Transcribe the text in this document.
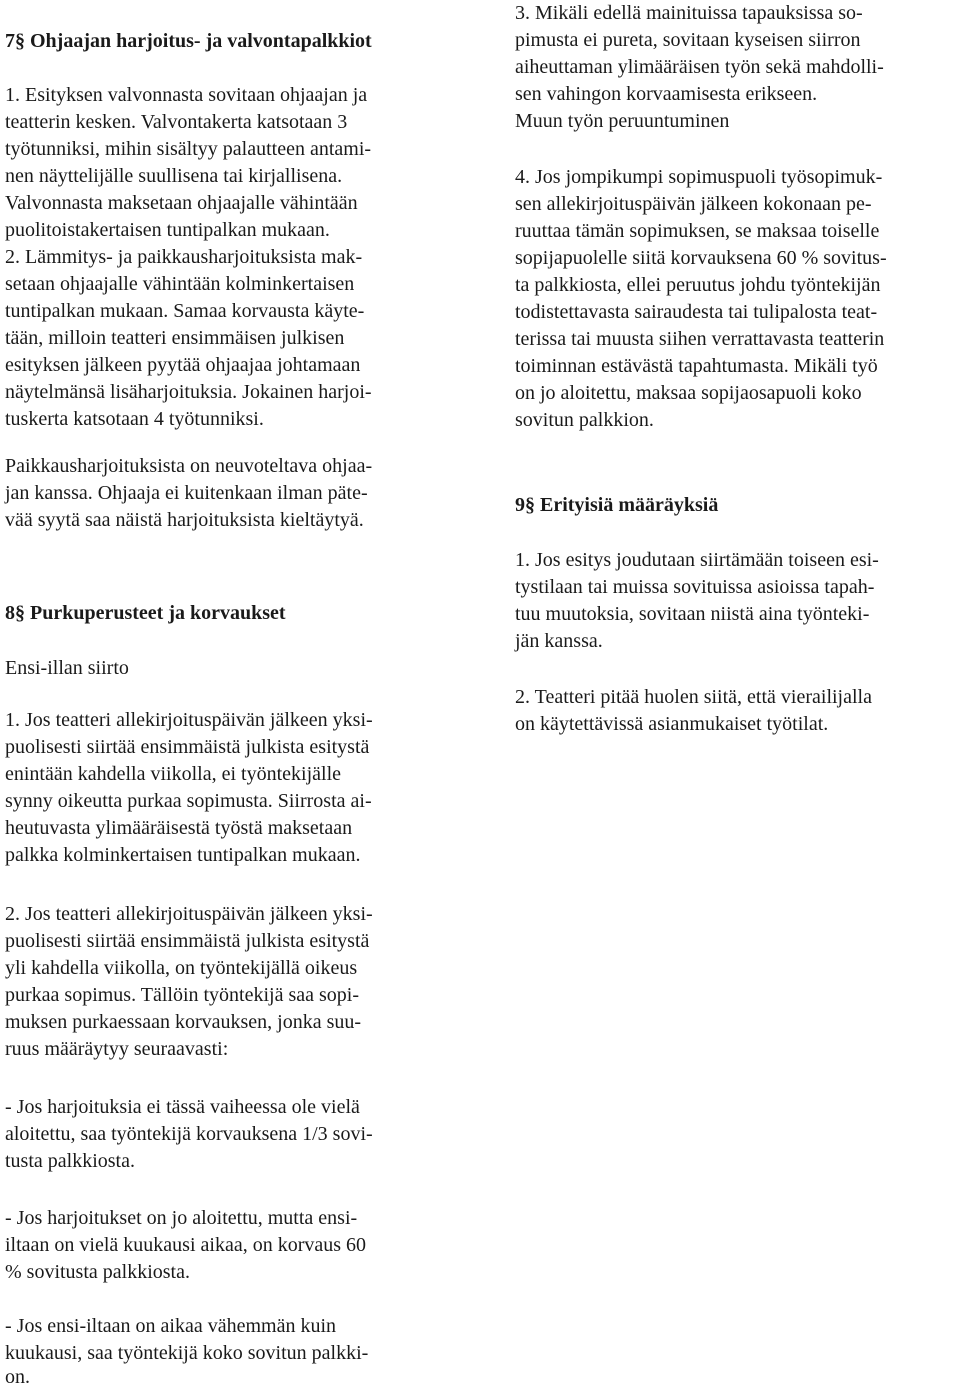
7§ Ohjaajan harjoitus- ja valvontapalkkiot

1. Esityksen valvonnasta sovitaan ohjaajan ja

teatterin kesken. Valvontakerta katsotaan 3

työtunniksi, mihin sisältyy palautteen antami-

nen näyttelijälle suullisena tai kirjallisena.

Valvonnasta maksetaan ohjaajalle vähintään

puolitoistakertaisen tuntipalkan mukaan.

2. Lämmitys- ja paikkausharjoituksista mak-

setaan ohjaajalle vähintään kolminkertaisen

tuntipalkan mukaan. Samaa korvausta käyte-

tään, milloin teatteri ensimmäisen julkisen

esityksen jälkeen pyytää ohjaajaa johtamaan

näytelmänsä lisäharjoituksia. Jokainen harjoi-

tuskerta katsotaan 4 työtunniksi.

Paikkausharjoituksista on neuvoteltava ohjaa-

jan kanssa. Ohjaaja ei kuitenkaan ilman päte-

vää syytä saa näistä harjoituksista kieltäytyä.

8§ Purkuperusteet ja korvaukset

Ensi-illan siirto

1. Jos teatteri allekirjoituspäivän jälkeen yksi-

puolisesti siirtää ensimmäistä julkista esitystä

enintään kahdella viikolla, ei työntekijälle

synny oikeutta purkaa sopimusta. Siirrosta ai-

heutuvasta ylimääräisestä työstä maksetaan

palkka kolminkertaisen tuntipalkan mukaan.

2. Jos teatteri allekirjoituspäivän jälkeen yksi-

puolisesti siirtää ensimmäistä julkista esitystä

yli kahdella viikolla, on työntekijällä oikeus

purkaa sopimus. Tällöin työntekijä saa sopi-

muksen purkaessaan korvauksen, jonka suu-

ruus määräytyy seuraavasti:

- Jos harjoituksia ei tässä vaiheessa ole vielä

aloitettu, saa työntekijä korvauksena 1/3 sovi-

tusta palkkiosta.

- Jos harjoitukset on jo aloitettu, mutta ensi-

iltaan on vielä kuukausi aikaa, on korvaus 60

% sovitusta palkkiosta.

- Jos ensi-iltaan on aikaa vähemmän kuin

kuukausi, saa työntekijä koko sovitun palkki-

on.

3. Mikäli edellä mainituissa tapauksissa so-

pimusta ei pureta, sovitaan kyseisen siirron

aiheuttaman ylimääräisen työn sekä mahdolli-

sen vahingon korvaamisesta erikseen.

Muun työn peruuntuminen

4. Jos jompikumpi sopimuspuoli työsopimuk-

sen allekirjoituspäivän jälkeen kokonaan pe-

ruuttaa tämän sopimuksen, se maksaa toiselle

sopijapuolelle siitä korvauksena 60 % sovitus-

ta palkkiosta, ellei peruutus johdu työntekijän

todistettavasta sairaudesta tai tulipalosta teat-

terissa tai muusta siihen verrattavasta teatterin

toiminnan estävästä tapahtumasta. Mikäli työ

on jo aloitettu, maksaa sopijaosapuoli koko

sovitun palkkion.

9§ Erityisiä määräyksiä

1. Jos esitys joudutaan siirtämään toiseen esi-

tystilaan tai muissa sovituissa asioissa tapah-

tuu muutoksia, sovitaan niistä aina työnteki-

jän kanssa.

2. Teatteri pitää huolen siitä, että vierailijalla

on käytettävissä asianmukaiset työtilat.
